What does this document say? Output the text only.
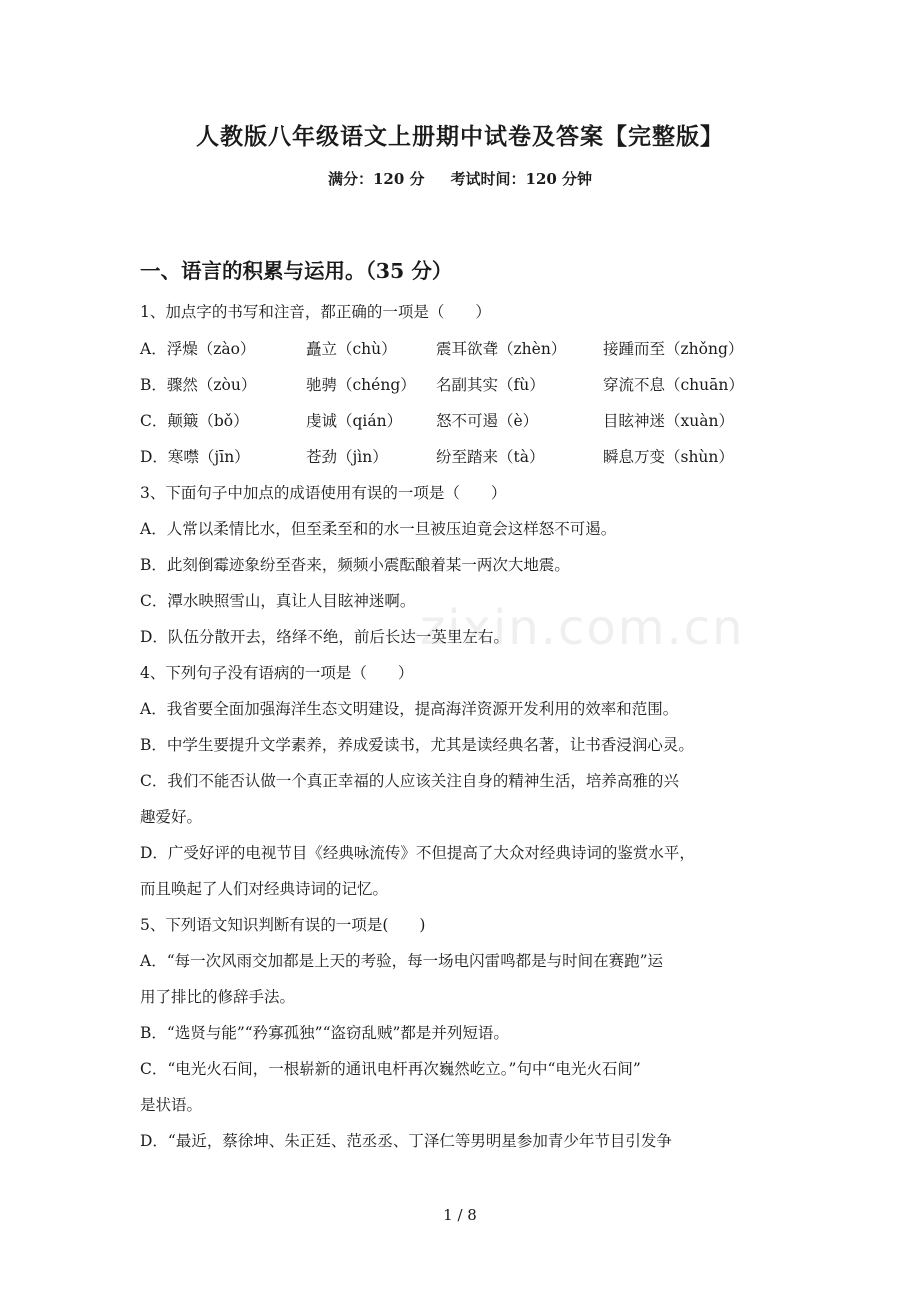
zixin.com.cn
人教版八年级语文上册期中试卷及答案【完整版】
满分：120 分 考试时间：120 分钟
一、语言的积累与运用。（35 分）
1、加点字的书写和注音，都正确的一项是（　　）
A．浮燥（zào）	矗立（chù）	震耳欲聋（zhèn） 接踵而至（zhǒng）
B．骤然（zòu）	驰骋（chéng） 名副其实（fù）	穿流不息（chuān）
C．颠簸（bǒ）	虔诚（qián） 怒不可遏（è）	目眩神迷（xuàn）
D．寒噤（jīn）	苍劲（jìn）	纷至踏来（tà）	瞬息万变（shùn）
3、下面句子中加点的成语使用有误的一项是（　　）
A．人常以柔情比水，但至柔至和的水一旦被压迫竟会这样怒不可遏。
B．此刻倒霉迹象纷至沓来，频频小震酝酿着某一两次大地震。
C．潭水映照雪山，真让人目眩神迷啊。
D．队伍分散开去，络绎不绝，前后长达一英里左右。
4、下列句子没有语病的一项是（　　）
A．我省要全面加强海洋生态文明建设，提高海洋资源开发利用的效率和范围。
B．中学生要提升文学素养，养成爱读书，尤其是读经典名著，让书香浸润心灵。
C．我们不能否认做一个真正幸福的人应该关注自身的精神生活，培养高雅的兴
趣爱好。
D．广受好评的电视节目《经典咏流传》不但提高了大众对经典诗词的鉴赏水平，
而且唤起了人们对经典诗词的记忆。
5、下列语文知识判断有误的一项是(　　)
A．“每一次风雨交加都是上天的考验，每一场电闪雷鸣都是与时间在赛跑”运
用了排比的修辞手法。
B．“选贤与能”“矜寡孤独”“盗窃乱贼”都是并列短语。
C．“电光火石间，一根崭新的通讯电杆再次巍然屹立。”句中“电光火石间”
是状语。
D．“最近，蔡徐坤、朱正廷、范丞丞、丁泽仁等男明星参加青少年节目引发争
1 / 8
